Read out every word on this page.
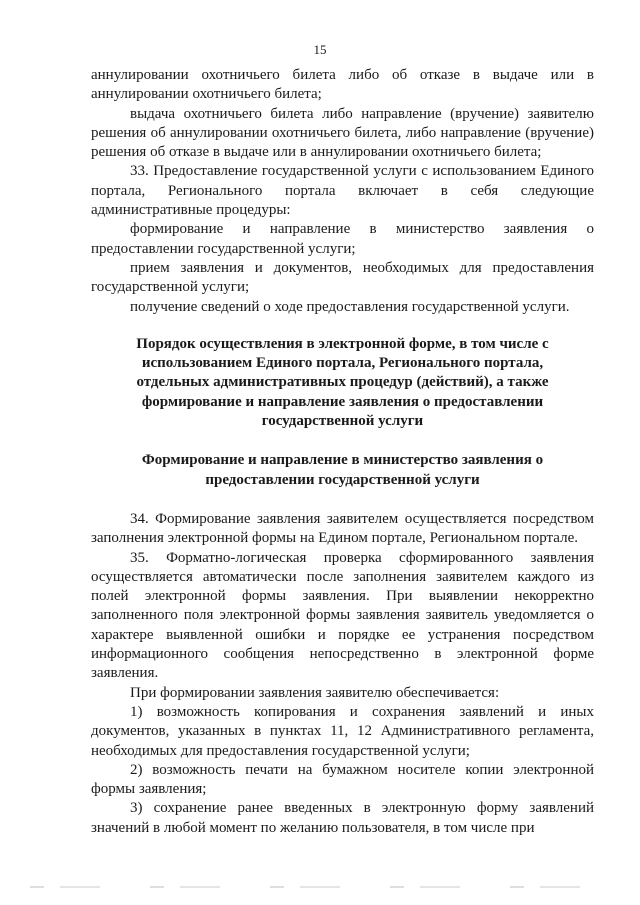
15

аннулировании охотничьего билета либо об отказе в выдаче или в аннулировании охотничьего билета;

выдача охотничьего билета либо направление (вручение) заявителю решения об аннулировании охотничьего билета, либо направление (вручение) решения об отказе в выдаче или в аннулировании охотничьего билета;

33. Предоставление государственной услуги с использованием Единого портала, Регионального портала включает в себя следующие административные процедуры:

формирование и направление в министерство заявления о предоставлении государственной услуги;

прием заявления и документов, необходимых для предоставления государственной услуги;

получение сведений о ходе предоставления государственной услуги.

Порядок осуществления в электронной форме, в том числе с использованием Единого портала, Регионального портала, отдельных административных процедур (действий), а также формирование и направление заявления о предоставлении государственной услуги

Формирование и направление в министерство заявления о предоставлении государственной услуги

34. Формирование заявления заявителем осуществляется посредством заполнения электронной формы на Едином портале, Региональном портале.

35. Форматно-логическая проверка сформированного заявления осуществляется автоматически после заполнения заявителем каждого из полей электронной формы заявления. При выявлении некорректно заполненного поля электронной формы заявления заявитель уведомляется о характере выявленной ошибки и порядке ее устранения посредством информационного сообщения непосредственно в электронной форме заявления.

При формировании заявления заявителю обеспечивается:

1) возможность копирования и сохранения заявлений и иных документов, указанных в пунктах 11, 12 Административного регламента, необходимых для предоставления государственной услуги;

2) возможность печати на бумажном носителе копии электронной формы заявления;

3) сохранение ранее введенных в электронную форму заявлений значений в любой момент по желанию пользователя, в том числе при
